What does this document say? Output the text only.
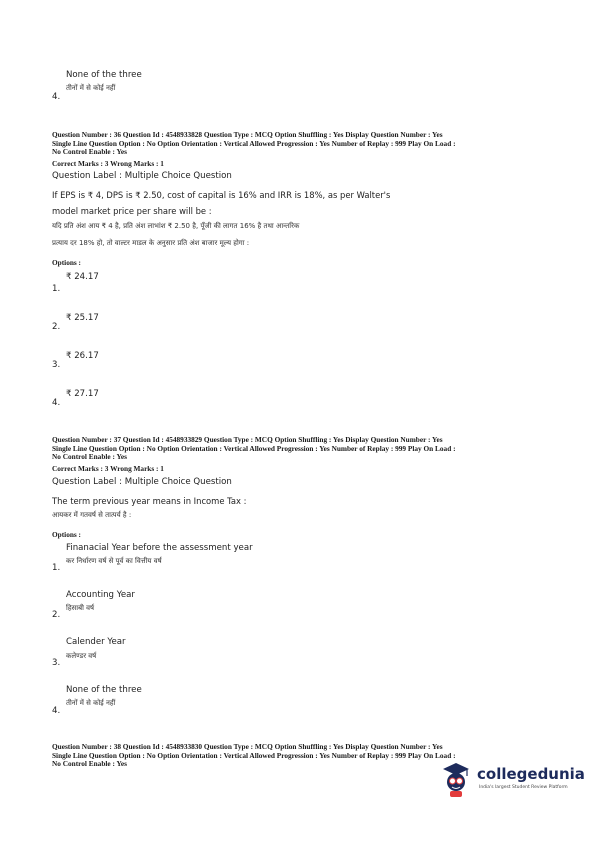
None of the three
तीनों में से कोई नहीं
4.
Question Number : 36 Question Id : 4548933828 Question Type : MCQ Option Shuffling : Yes Display Question Number : Yes
Single Line Question Option : No Option Orientation : Vertical Allowed Progression : Yes Number of Replay : 999 Play On Load :
No Control Enable : Yes
Correct Marks : 3 Wrong Marks : 1
Question Label : Multiple Choice Question
If EPS is ₹ 4, DPS is ₹ 2.50, cost of capital is 16% and IRR is 18%, as per Walter's
model market price per share will be :
यदि प्रति अंश आय ₹ 4 है, प्रति अंश लाभांश ₹ 2.50 है, पूँजी की लागत 16% है तथा आन्तरिक
प्रत्याय दर 18% हो, तो वाल्टर माडल के अनुसार प्रति अंश बाजार मूल्य होगा :
Options :
₹ 24.17
1.
₹ 25.17
2.
₹ 26.17
3.
₹ 27.17
4.
Question Number : 37 Question Id : 4548933829 Question Type : MCQ Option Shuffling : Yes Display Question Number : Yes
Single Line Question Option : No Option Orientation : Vertical Allowed Progression : Yes Number of Replay : 999 Play On Load :
No Control Enable : Yes
Correct Marks : 3 Wrong Marks : 1
Question Label : Multiple Choice Question
The term previous year means in Income Tax :
आयकर में गतवर्ष से तात्पर्य है :
Options :
Finanacial Year before the assessment year
कर निर्धारण वर्ष से पूर्व का वित्तीय वर्ष
1.
Accounting Year
हिसाबी वर्ष
2.
Calender Year
कलेण्डर वर्ष
3.
None of the three
तीनों में से कोई नहीं
4.
Question Number : 38 Question Id : 4548933830 Question Type : MCQ Option Shuffling : Yes Display Question Number : Yes
Single Line Question Option : No Option Orientation : Vertical Allowed Progression : Yes Number of Replay : 999 Play On Load :
No Control Enable : Yes
collegedunia
India's largest Student Review Platform
